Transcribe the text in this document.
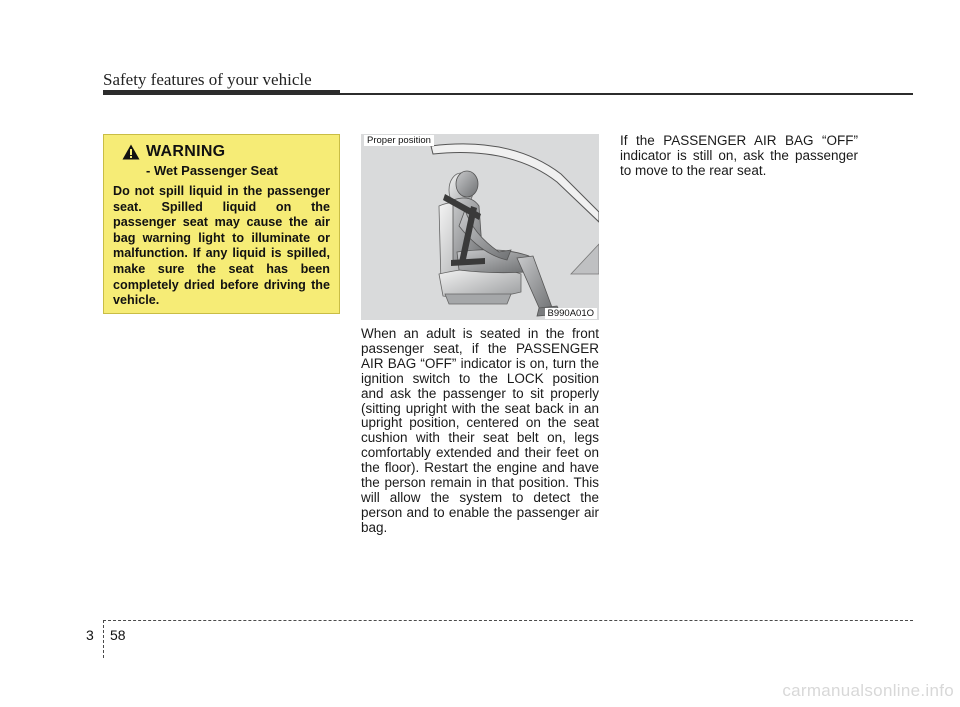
Safety features of your vehicle
WARNING
- Wet Passenger Seat
Do not spill liquid in the passenger seat. Spilled liquid on the passenger seat may cause the air bag warning light to illuminate or malfunction. If any liquid is spilled, make sure the seat has been completely dried before driving the vehicle.
Proper position
B990A01O

When an adult is seated in the front passenger seat, if the PASSENGER AIR BAG “OFF” indicator is on, turn the ignition switch to the LOCK position and ask the passenger to sit properly (sitting upright with the seat back in an upright position, centered on the seat cushion with their seat belt on, legs comfortably extended and their feet on the floor). Restart the engine and have the person remain in that position. This will allow the system to detect the person and to enable the passenger air bag.

If the PASSENGER AIR BAG “OFF” indicator is still on, ask the passenger to move to the rear seat.

3 58
carmanualsonline.info
